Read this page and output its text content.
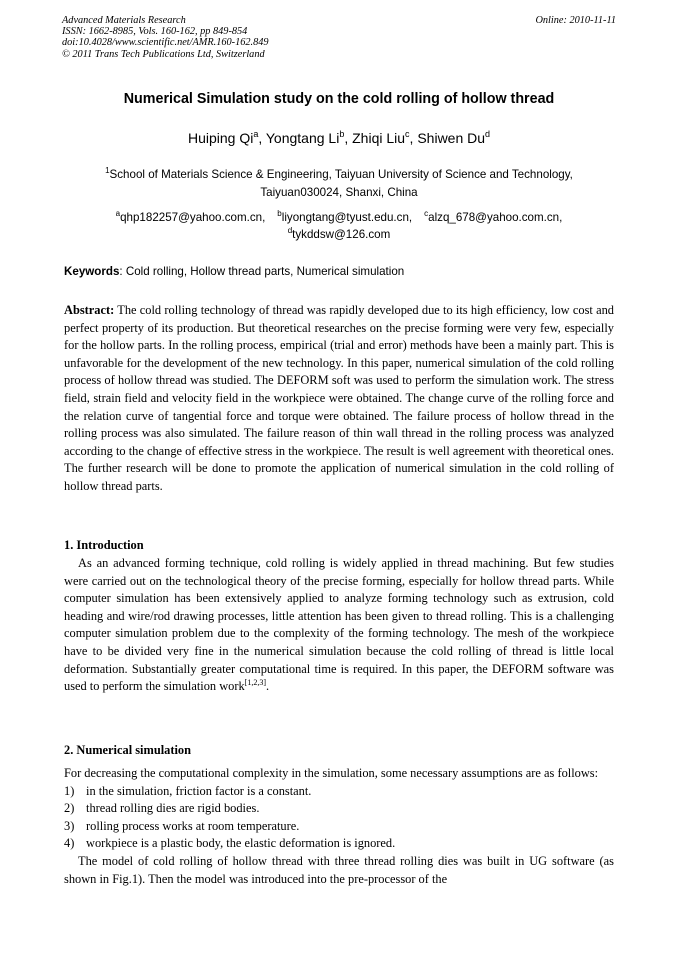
Advanced Materials Research
ISSN: 1662-8985, Vols. 160-162, pp 849-854
doi:10.4028/www.scientific.net/AMR.160-162.849
© 2011 Trans Tech Publications Ltd, Switzerland
Online: 2010-11-11
Numerical Simulation study on the cold rolling of hollow thread
Huiping Qi$^a$, Yongtang Li$^b$, Zhiqi Liu$^c$, Shiwen Du$^d$
$^1$School of Materials Science & Engineering, Taiyuan University of Science and Technology,
Taiyuan030024, Shanxi, China
$^a$qhp182257@yahoo.com.cn, $^b$liyongtang@tyust.edu.cn, $^c$alzq_678@yahoo.com.cn,
$^d$tykddsw@126.com
Keywords: Cold rolling, Hollow thread parts, Numerical simulation
Abstract: The cold rolling technology of thread was rapidly developed due to its high efficiency, low cost and perfect property of its production. But theoretical researches on the precise forming were very few, especially for the hollow parts. In the rolling process, empirical (trial and error) methods have been a mainly part. This is unfavorable for the development of the new technology. In this paper, numerical simulation of the cold rolling process of hollow thread was studied. The DEFORM soft was used to perform the simulation work. The stress field, strain field and velocity field in the workpiece were obtained. The change curve of the rolling force and the relation curve of tangential force and torque were obtained. The failure process of hollow thread in the rolling process was also simulated. The failure reason of thin wall thread in the rolling process was analyzed according to the change of effective stress in the workpiece. The result is well agreement with theoretical ones. The further research will be done to promote the application of numerical simulation in the cold rolling of hollow thread parts.
1. Introduction
As an advanced forming technique, cold rolling is widely applied in thread machining. But few studies were carried out on the technological theory of the precise forming, especially for hollow thread parts. While computer simulation has been extensively applied to analyze forming technology such as extrusion, cold heading and wire/rod drawing processes, little attention has been given to thread rolling. This is a challenging computer simulation problem due to the complexity of the forming technology. The mesh of the workpiece have to be divided very fine in the numerical simulation because the cold rolling of thread is little local deformation. Substantially greater computational time is required. In this paper, the DEFORM software was used to perform the simulation work[1,2,3].
2. Numerical simulation

For decreasing the computational complexity in the simulation, some necessary assumptions are as follows:

1) in the simulation, friction factor is a constant.
2) thread rolling dies are rigid bodies.
3) rolling process works at room temperature.
4) workpiece is a plastic body, the elastic deformation is ignored.

The model of cold rolling of hollow thread with three thread rolling dies was built in UG software (as shown in Fig.1). Then the model was introduced into the pre-processor of the
